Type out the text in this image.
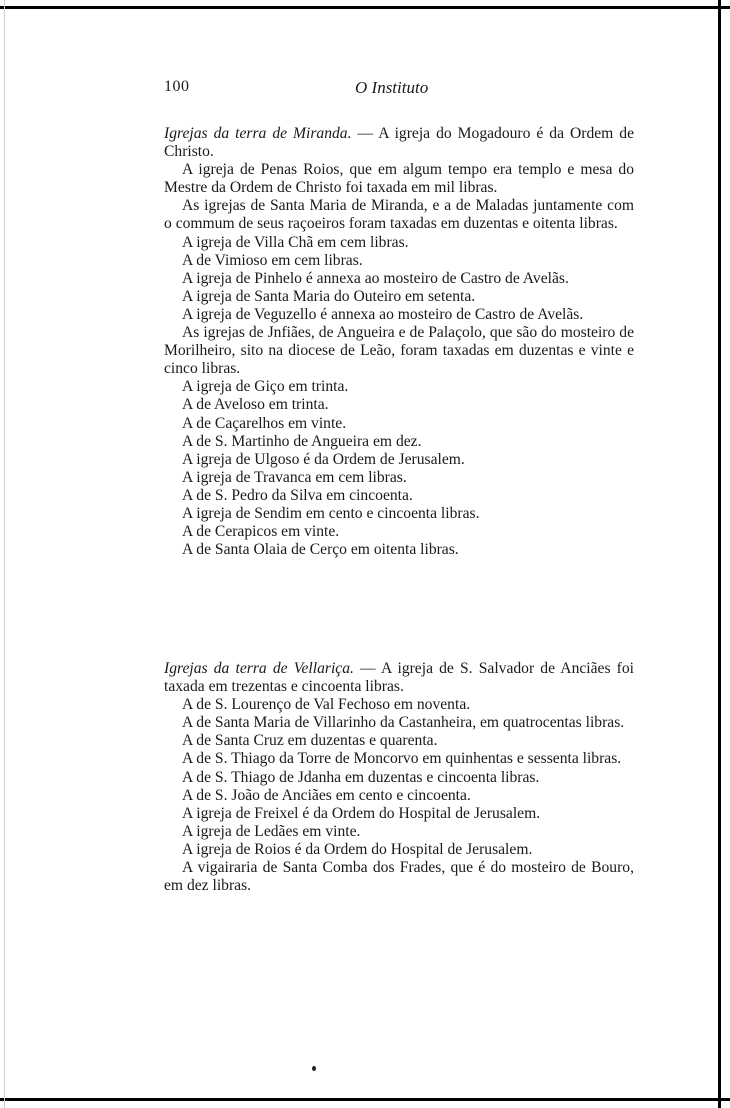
100	O Instituto

Igrejas da terra de Miranda. — A igreja do Mogadouro é da Ordem de Christo.

A igreja de Penas Roios, que em algum tempo era templo e mesa do Mestre da Ordem de Christo foi taxada em mil libras.

As igrejas de Santa Maria de Miranda, e a de Maladas juntamente com o commum de seus raçoeiros foram taxadas em duzentas e oitenta libras.

A igreja de Villa Chã em cem libras.

A de Vimioso em cem libras.

A igreja de Pinhelo é annexa ao mosteiro de Castro de Avelãs.

A igreja de Santa Maria do Outeiro em setenta.

A igreja de Veguzello é annexa ao mosteiro de Castro de Avelãs.

As igrejas de Jnfiães, de Angueira e de Palaçolo, que são do mosteiro de Morilheiro, sito na diocese de Leão, foram taxadas em duzentas e vinte e cinco libras.

A igreja de Giço em trinta.

A de Aveloso em trinta.

A de Caçarelhos em vinte.

A de S. Martinho de Angueira em dez.

A igreja de Ulgoso é da Ordem de Jerusalem.

A igreja de Travanca em cem libras.

A de S. Pedro da Silva em cincoenta.

A igreja de Sendim em cento e cincoenta libras.

A de Cerapicos em vinte.

A de Santa Olaia de Cerço em oitenta libras.

Igrejas da terra de Vellariça. — A igreja de S. Salvador de Anciães foi taxada em trezentas e cincoenta libras.

A de S. Lourenço de Val Fechoso em noventa.

A de Santa Maria de Villarinho da Castanheira, em quatrocentas libras.

A de Santa Cruz em duzentas e quarenta.

A de S. Thiago da Torre de Moncorvo em quinhentas e sessenta libras.

A de S. Thiago de Jdanha em duzentas e cincoenta libras.

A de S. João de Anciães em cento e cincoenta.

A igreja de Freixel é da Ordem do Hospital de Jerusalem.

A igreja de Ledães em vinte.

A igreja de Roios é da Ordem do Hospital de Jerusalem.

A vigairaria de Santa Comba dos Frades, que é do mosteiro de Bouro, em dez libras.
